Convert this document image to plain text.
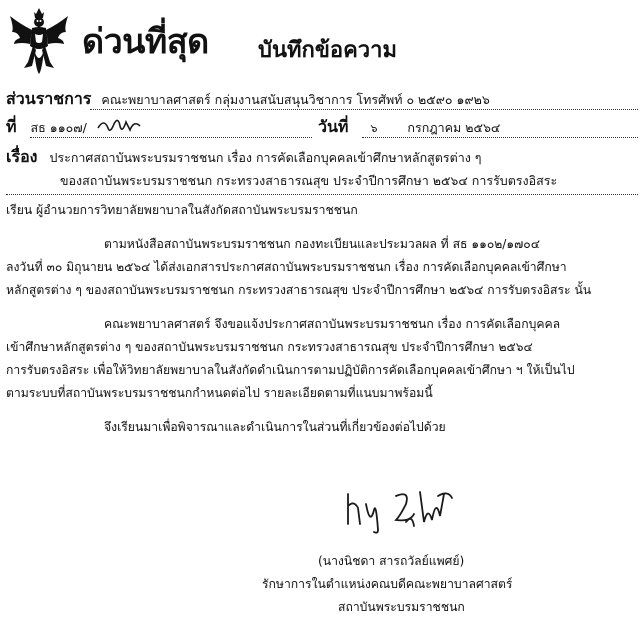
ด่วนที่สุด บันทึกข้อความ
ส่วนราชการ คณะพยาบาลศาสตร์ กลุ่มงานสนับสนุนวิชาการ โทรศัพท์ ๐ ๒๕๙๐ ๑๙๒๖
ที่ สธ ๑๑๐๗/	วันที่ ๖ กรกฎาคม ๒๕๖๔
เรื่อง ประกาศสถาบันพระบรมราชชนก เรื่อง การคัดเลือกบุคคลเข้าศึกษาหลักสูตรต่าง ๆ
ของสถาบันพระบรมราชชนก กระทรวงสาธารณสุข ประจำปีการศึกษา ๒๕๖๔ การรับตรงอิสระ
เรียน ผู้อำนวยการวิทยาลัยพยาบาลในสังกัดสถาบันพระบรมราชชนก
ตามหนังสือสถาบันพระบรมราชชนก กองทะเบียนและประมวลผล ที่ สธ ๑๑๐๒/๑๗๐๔
ลงวันที่ ๓๐ มิถุนายน ๒๕๖๔ ได้ส่งเอกสารประกาศสถาบันพระบรมราชชนก เรื่อง การคัดเลือกบุคคลเข้าศึกษา
หลักสูตรต่าง ๆ ของสถาบันพระบรมราชชนก กระทรวงสาธารณสุข ประจำปีการศึกษา ๒๕๖๔ การรับตรงอิสระ นั้น
คณะพยาบาลศาสตร์ จึงขอแจ้งประกาศสถาบันพระบรมราชชนก เรื่อง การคัดเลือกบุคคล
เข้าศึกษาหลักสูตรต่าง ๆ ของสถาบันพระบรมราชชนก กระทรวงสาธารณสุข ประจำปีการศึกษา ๒๕๖๔
การรับตรงอิสระ เพื่อให้วิทยาลัยพยาบาลในสังกัดดำเนินการตามปฏิบัติการคัดเลือกบุคคลเข้าศึกษา ฯ ให้เป็นไป
ตามระบบที่สถาบันพระบรมราชชนกกำหนดต่อไป รายละเอียดตามที่แนบมาพร้อมนี้
จึงเรียนมาเพื่อพิจารณาและดำเนินการในส่วนที่เกี่ยวข้องต่อไปด้วย
(นางนิชดา สารถวัลย์แพศย์)
รักษาการในตำแหน่งคณบดีคณะพยาบาลศาสตร์
สถาบันพระบรมราชชนก
